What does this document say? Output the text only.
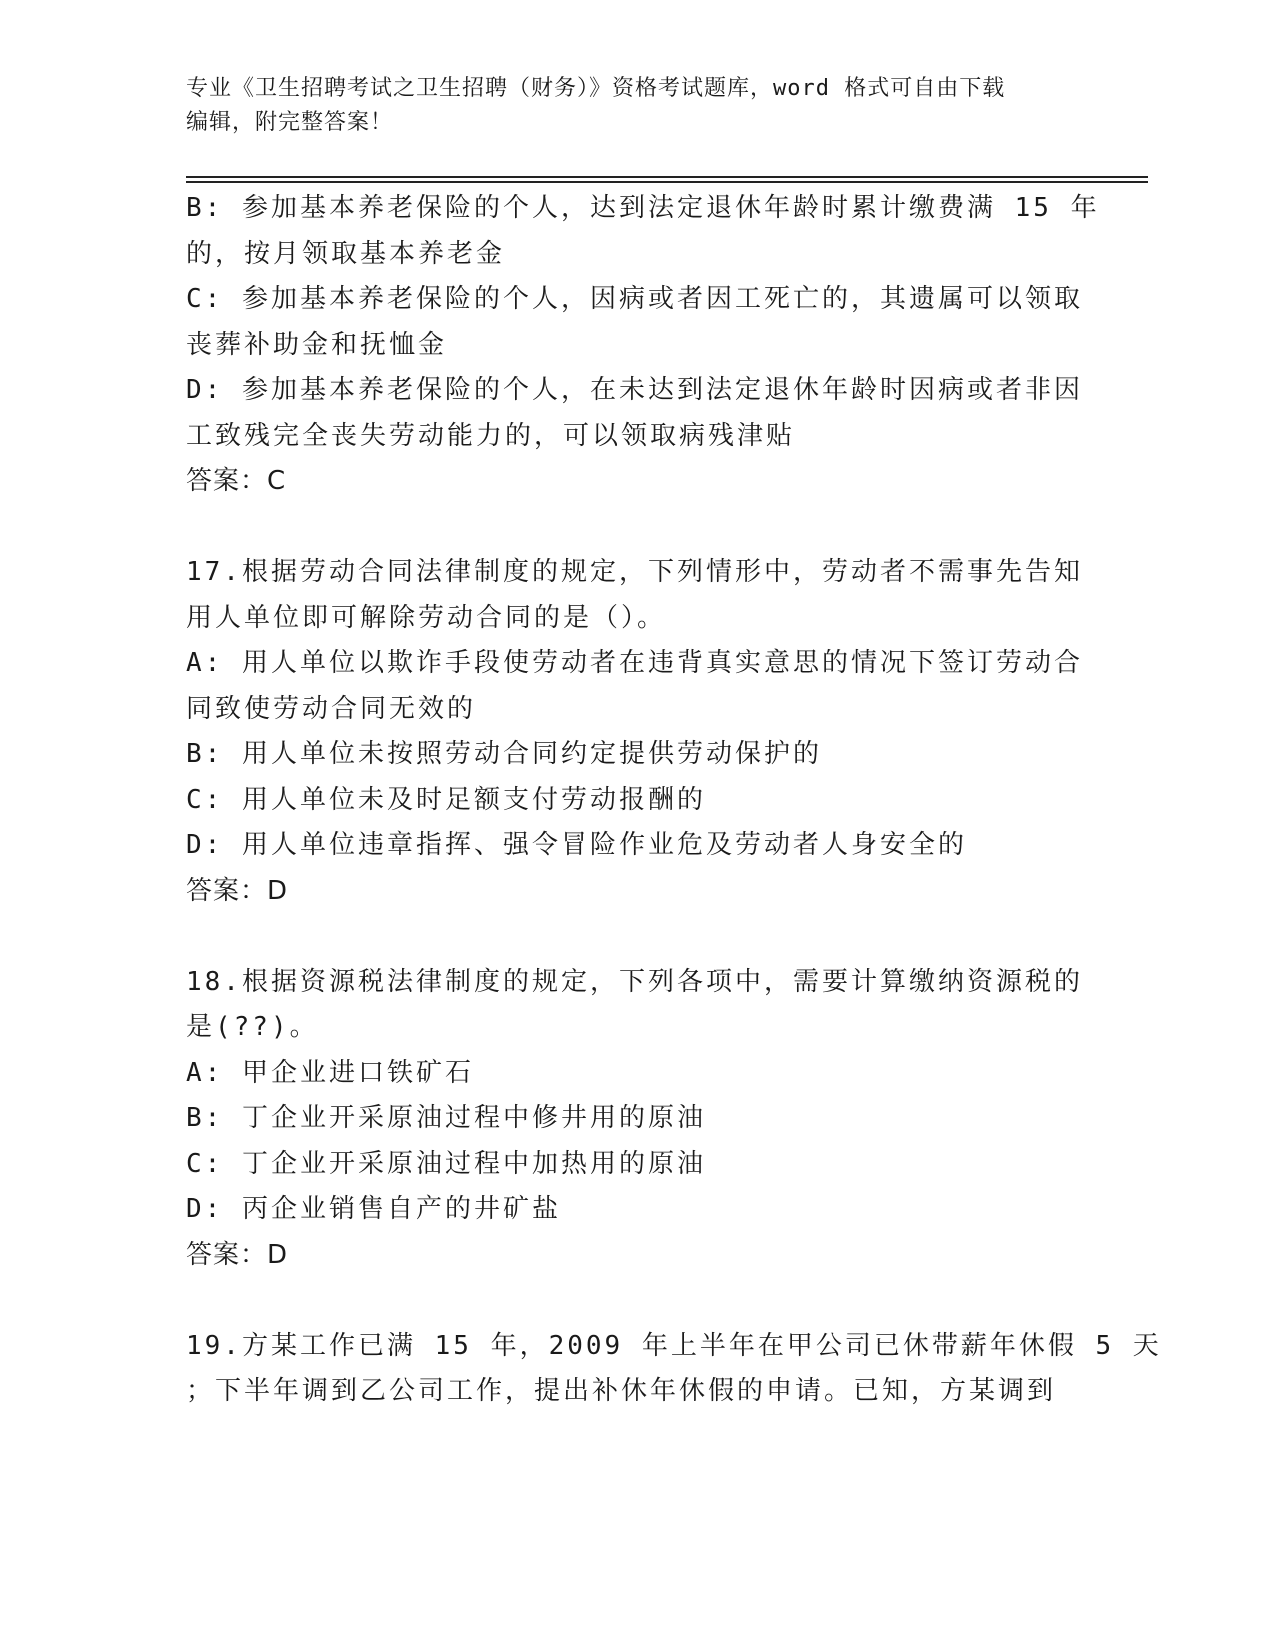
专业《卫生招聘考试之卫生招聘（财务）》资格考试题库，word 格式可自由下载
编辑，附完整答案！
B: 参加基本养老保险的个人，达到法定退休年龄时累计缴费满 15 年
的，按月领取基本养老金
C: 参加基本养老保险的个人，因病或者因工死亡的，其遗属可以领取
丧葬补助金和抚恤金
D: 参加基本养老保险的个人，在未达到法定退休年龄时因病或者非因
工致残完全丧失劳动能力的，可以领取病残津贴
答案：C
17.根据劳动合同法律制度的规定，下列情形中，劳动者不需事先告知
用人单位即可解除劳动合同的是（）。
A: 用人单位以欺诈手段使劳动者在违背真实意思的情况下签订劳动合
同致使劳动合同无效的
B: 用人单位未按照劳动合同约定提供劳动保护的
C: 用人单位未及时足额支付劳动报酬的
D: 用人单位违章指挥、强令冒险作业危及劳动者人身安全的
答案：D
18.根据资源税法律制度的规定，下列各项中，需要计算缴纳资源税的
是(??)。
A: 甲企业进口铁矿石
B: 丁企业开采原油过程中修井用的原油
C: 丁企业开采原油过程中加热用的原油
D: 丙企业销售自产的井矿盐
答案：D
19.方某工作已满 15 年，2009 年上半年在甲公司已休带薪年休假 5 天
；下半年调到乙公司工作，提出补休年休假的申请。已知，方某调到
